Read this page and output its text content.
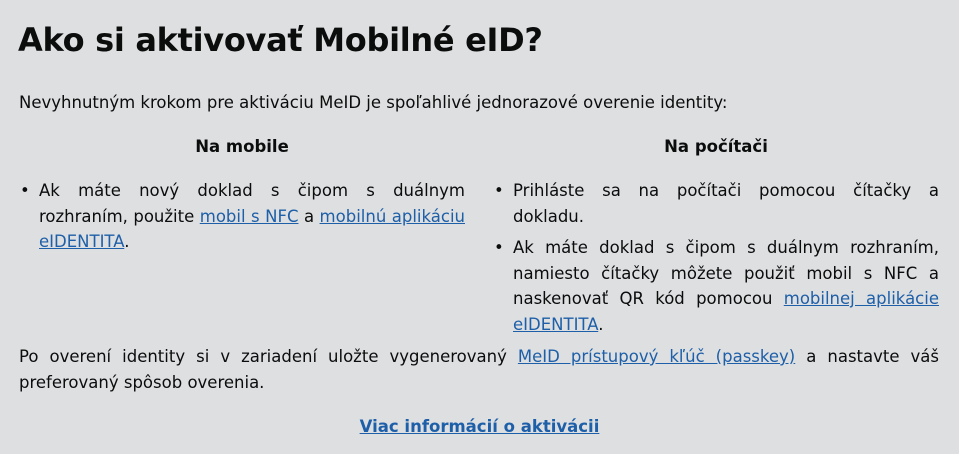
Ako si aktivovať Mobilné eID?
Nevyhnutným krokom pre aktiváciu MeID je spoľahlivé jednorazové overenie identity:
Na mobile
• Ak máte nový doklad s čipom s duálnym rozhraním, použite mobil s NFC a mobilnú aplikáciu eIDENTITA.
Na počítači
• Prihláste sa na počítači pomocou čítačky a dokladu.
• Ak máte doklad s čipom s duálnym rozhraním, namiesto čítačky môžete použiť mobil s NFC a naskenovať QR kód pomocou mobilnej aplikácie eIDENTITA.
Po overení identity si v zariadení uložte vygenerovaný MeID prístupový kľúč (passkey) a nastavte váš preferovaný spôsob overenia.
Viac informácií o aktivácii
